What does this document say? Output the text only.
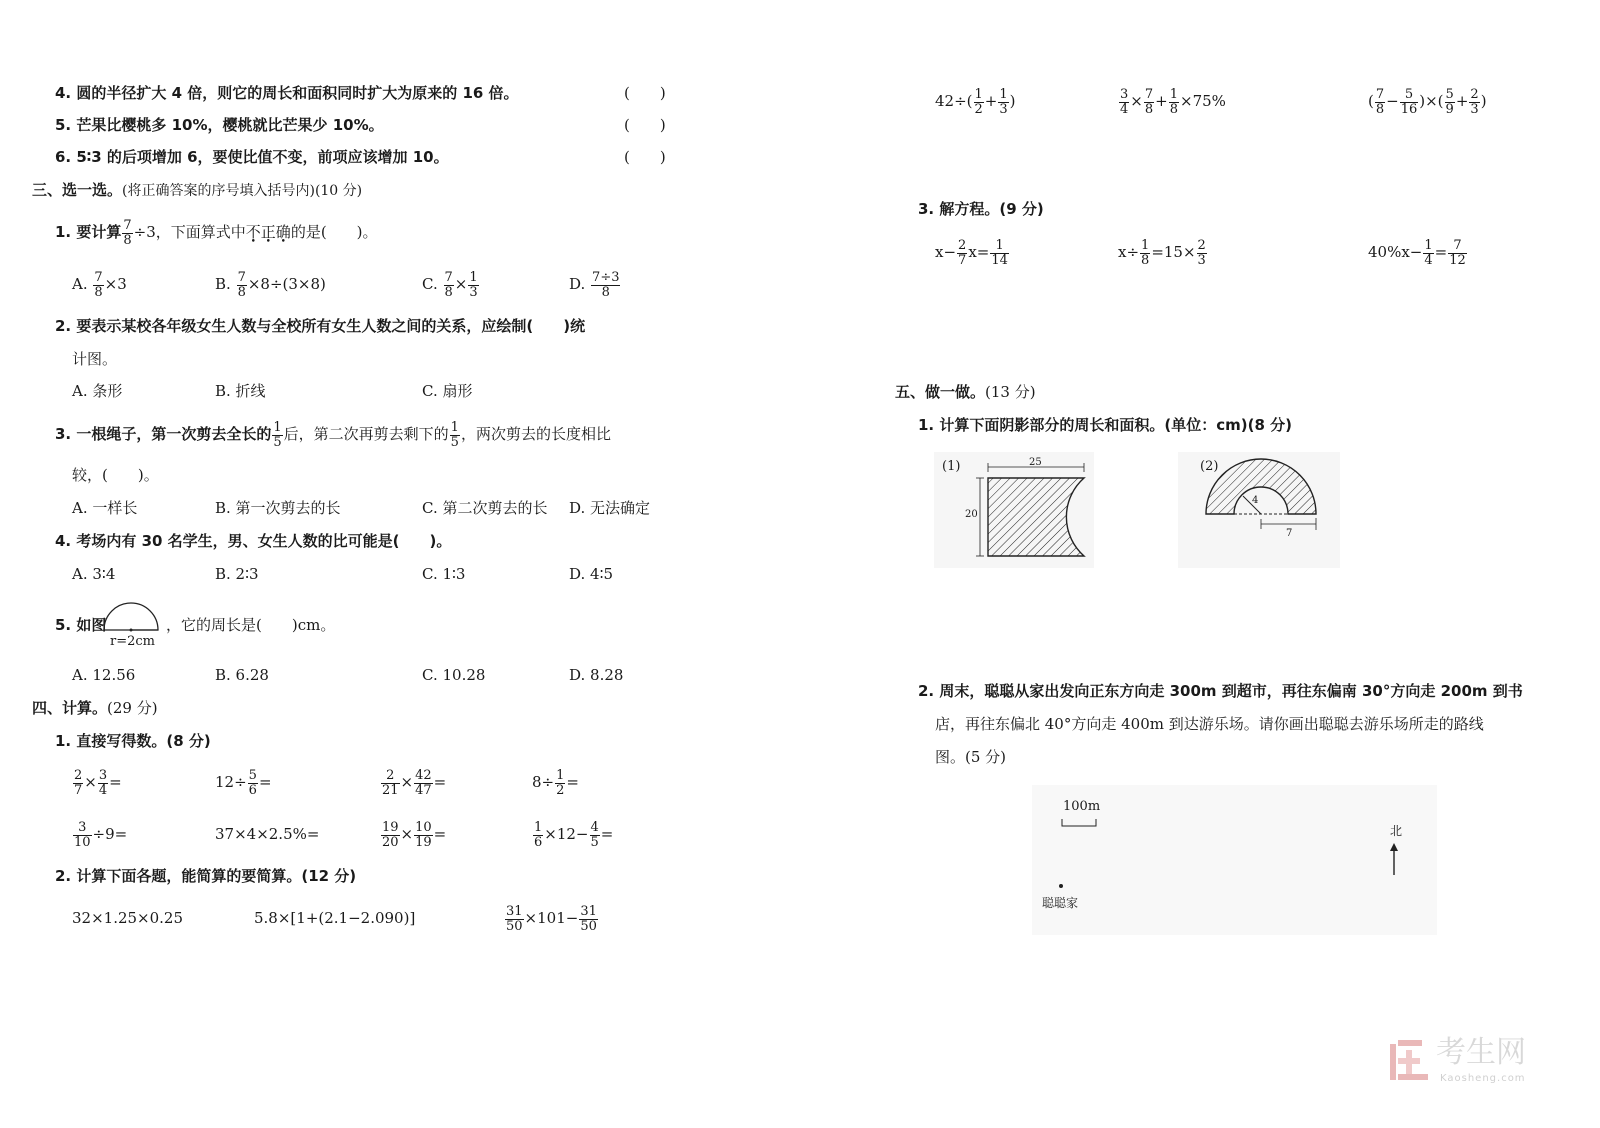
4. 圆的半径扩大 4 倍，则它的周长和面积同时扩大为原来的 16 倍。	(　　)
5. 芒果比樱桃多 10%，樱桃就比芒果少 10%。	(　　)
6. 5∶3 的后项增加 6，要使比值不变，前项应该增加 10。	(　　)
三、选一选。(将正确答案的序号填入括号内)(10 分)
1. 要计算 $\frac{7}{8} \div 3$，下面算式中不正确的是(　　)。
A. $\frac{7}{8} \times 3$	B. $\frac{7}{8} \times 8\div(3\times 8)$	C. $\frac{7}{8} \times \frac{1}{3}$	D. $\frac{7\div 3}{8}$
2. 要表示某校各年级女生人数与全校所有女生人数之间的关系，应绘制(　　)统
计图。
A. 条形	B. 折线	C. 扇形
3. 一根绳子，第一次剪去全长的 $\frac{1}{5}$ 后，第二次再剪去剩下的 $\frac{1}{5}$ ，两次剪去的长度相比
较，(　　)。
A. 一样长	B. 第一次剪去的长	C. 第二次剪去的长 D. 无法确定
4. 考场内有 30 名学生，男、女生人数的比可能是(　　)。
A. 3∶4	B. 2∶3	C. 1∶3	D. 4∶5
5. 如图
r=2cm
，它的周长是(　　)cm。
A. 12.56	B. 6.28	C. 10.28	D. 8.28
四、计算。(29 分)
1. 直接写得数。(8 分)
$\frac{2}{7} \times \frac{3}{4}$ =	$12\div \frac{5}{6}$ =	$\frac{2}{21} \times \frac{42}{47}$ =	$8\div \frac{1}{2}$ =
$\frac{3}{10} \div 9=$	37×4×2.5%=	$\frac{19}{20} \times \frac{10}{19}$ =	$\frac{1}{6} \times 12- \frac{4}{5}$ =
2. 计算下面各题，能简算的要简算。(12 分)
32×1.25×0.25	5.8×[1+(2.1−2.090)]	$\frac{31}{50} \times 101- \frac{31}{50}$
$42\div( \frac{1}{2} + \frac{1}{3}$ )	$\frac{3}{4} \times \frac{7}{8} + \frac{1}{8} \times 75\%$	( $\frac{7}{8} - \frac{5}{16}$ )×( $\frac{5}{9} + \frac{2}{3}$ )
3. 解方程。(9 分)
$x- \frac{2}{7} x= \frac{1}{14}$	$x\div \frac{1}{8} =15\times \frac{2}{3}$	$40\%x- \frac{1}{4} = \frac{7}{12}$
五、做一做。(13 分)
1. 计算下面阴影部分的周长和面积。(单位：cm)(8 分)
(1)	25
20
(2)
4
7
2. 周末，聪聪从家出发向正东方向走 300m 到超市，再往东偏南 30°方向走 200m 到书
店，再往东偏北 40°方向走 400m 到达游乐场。请你画出聪聪去游乐场所走的路线
图。(5 分)
100m
北
聪聪家
考生网
Kaosheng.com
